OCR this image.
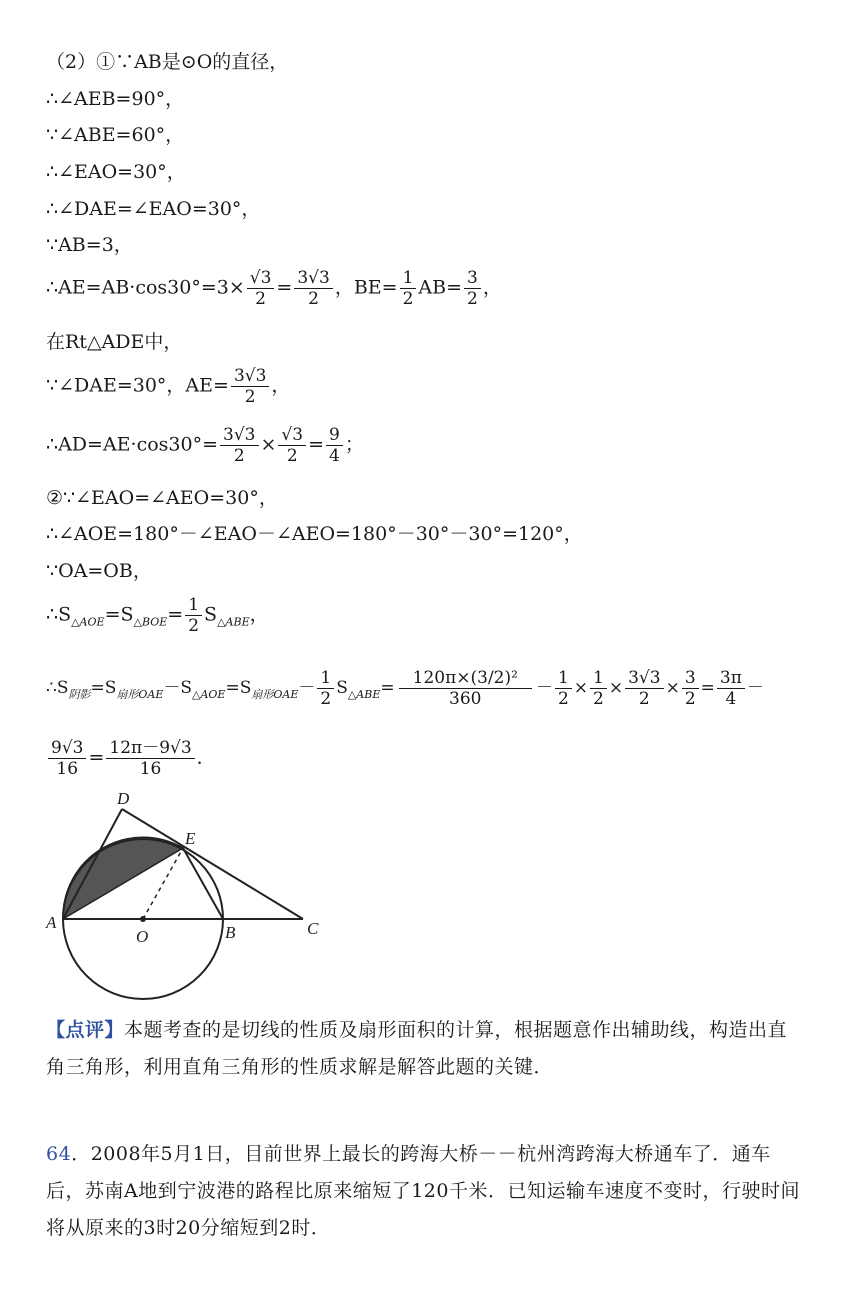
（2）①∵AB是⊙O的直径，
∴∠AEB=90°，
∵∠ABE=60°，
∴∠EAO=30°，
∴∠DAE=∠EAO=30°，
∵AB=3，
∴AE=AB·cos30°=3× $\frac{√3}{2} = \frac{3√3}{2}$ ，$BE= \frac{1}{2} AB= \frac{3}{2}$ ，
在Rt△ADE中，
∵∠DAE=30°，$AE= \frac{3√3}{2}$ ，
∴AD=AE·cos30°= $\frac{3√3}{2} \times \frac{√3}{2} = \frac{9}{4}$ ；
②∵∠EAO=∠AEO=30°，
∴∠AOE=180°－∠EAO－∠AEO=180°－30°－30°=120°，
∵OA=OB，
$\therefore S_{\triangle AOE}=S_{\triangle BOE}= \frac{1}{2} S_{\triangle ABE}$，
$\therefore S_{阴影}=S_{扇形OAE}-S_{\triangle AOE}=S_{扇形OAE}- \frac{1}{2} S_{\triangle ABE}= \frac{\text{120π×(3/2)²}}{360} - \frac{1}{2} \times \frac{1}{2} \times \frac{3√3}{2} \times \frac{3}{2} = \frac{3\pi}{4}$ －
$\frac{9√3}{16} = \frac{12\pi-9√3}{16}$ ．
D
E
A
O	B	C
【点评】本题考查的是切线的性质及扇形面积的计算，根据题意作出辅助线，构造出直角三角形，利用直角三角形的性质求解是解答此题的关键．
64．2008年5月1日，目前世界上最长的跨海大桥－－杭州湾跨海大桥通车了．通车后，苏南A地到宁波港的路程比原来缩短了120千米．已知运输车速度不变时，行驶时间将从原来的3时20分缩短到2时．
